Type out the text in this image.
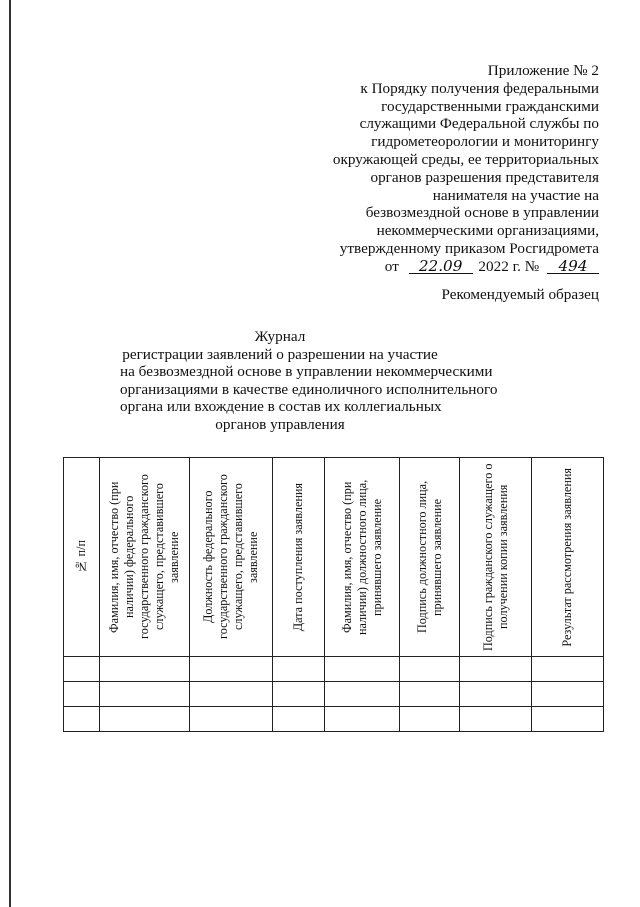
Приложение № 2
к Порядку получения федеральными
государственными гражданскими
служащими Федеральной службы по
гидрометеорологии и мониторингу
окружающей среды, ее территориальных
органов разрешения представителя
нанимателя на участие на
безвозмездной основе в управлении
некоммерческими организациями,
утвержденному приказом Росгидромета
от 22.09 2022 г. № 494
Рекомендуемый образец
Журнал
регистрации заявлений о разрешении на участие
на безвозмездной основе в управлении некоммерческими
организациями в качестве единоличного исполнительного
органа или вхождение в состав их коллегиальных
органов управления
№ п/п	Фамилия, имя, отчество (при наличии) федерального государственного гражданского служащего, представившего заявление	Должность федерального государственного гражданского служащего, представившего заявление	Дата поступления заявления	Фамилия, имя, отчество (при наличии) должностного лица, принявшего заявление	Подпись должностного лица, принявшего заявление	Подпись гражданского служащего о получении копии заявления	Результат рассмотрения заявления
